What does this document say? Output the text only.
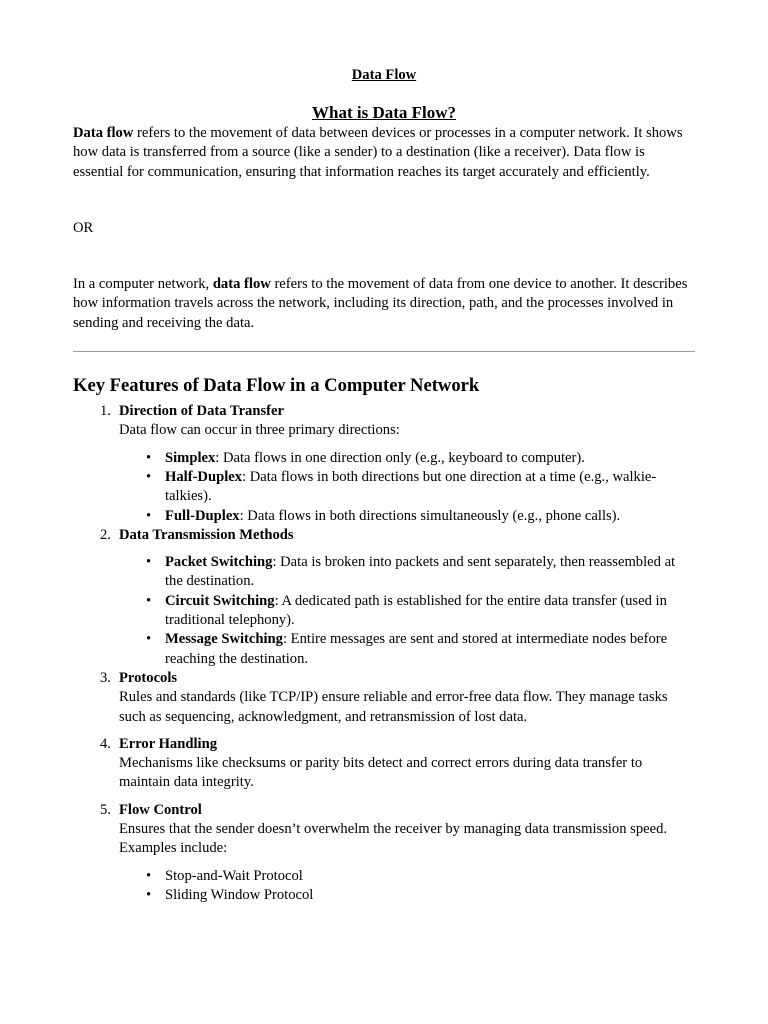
Data Flow
What is Data Flow?

Data flow refers to the movement of data between devices or processes in a computer network. It shows how data is transferred from a source (like a sender) to a destination (like a receiver). Data flow is essential for communication, ensuring that information reaches its target accurately and efficiently.

OR

In a computer network, data flow refers to the movement of data from one device to another. It describes how information travels across the network, including its direction, path, and the processes involved in sending and receiving the data.

Key Features of Data Flow in a Computer Network
1. Direction of Data Transfer
Data flow can occur in three primary directions:
• Simplex: Data flows in one direction only (e.g., keyboard to computer).
• Half-Duplex: Data flows in both directions but one direction at a time (e.g., walkie-talkies).
• Full-Duplex: Data flows in both directions simultaneously (e.g., phone calls).
2. Data Transmission Methods
• Packet Switching: Data is broken into packets and sent separately, then reassembled at the destination.
• Circuit Switching: A dedicated path is established for the entire data transfer (used in traditional telephony).
• Message Switching: Entire messages are sent and stored at intermediate nodes before reaching the destination.
3. Protocols
Rules and standards (like TCP/IP) ensure reliable and error-free data flow. They manage tasks such as sequencing, acknowledgment, and retransmission of lost data.
4. Error Handling
Mechanisms like checksums or parity bits detect and correct errors during data transfer to maintain data integrity.
5. Flow Control
Ensures that the sender doesn’t overwhelm the receiver by managing data transmission speed. Examples include:
• Stop-and-Wait Protocol
• Sliding Window Protocol
